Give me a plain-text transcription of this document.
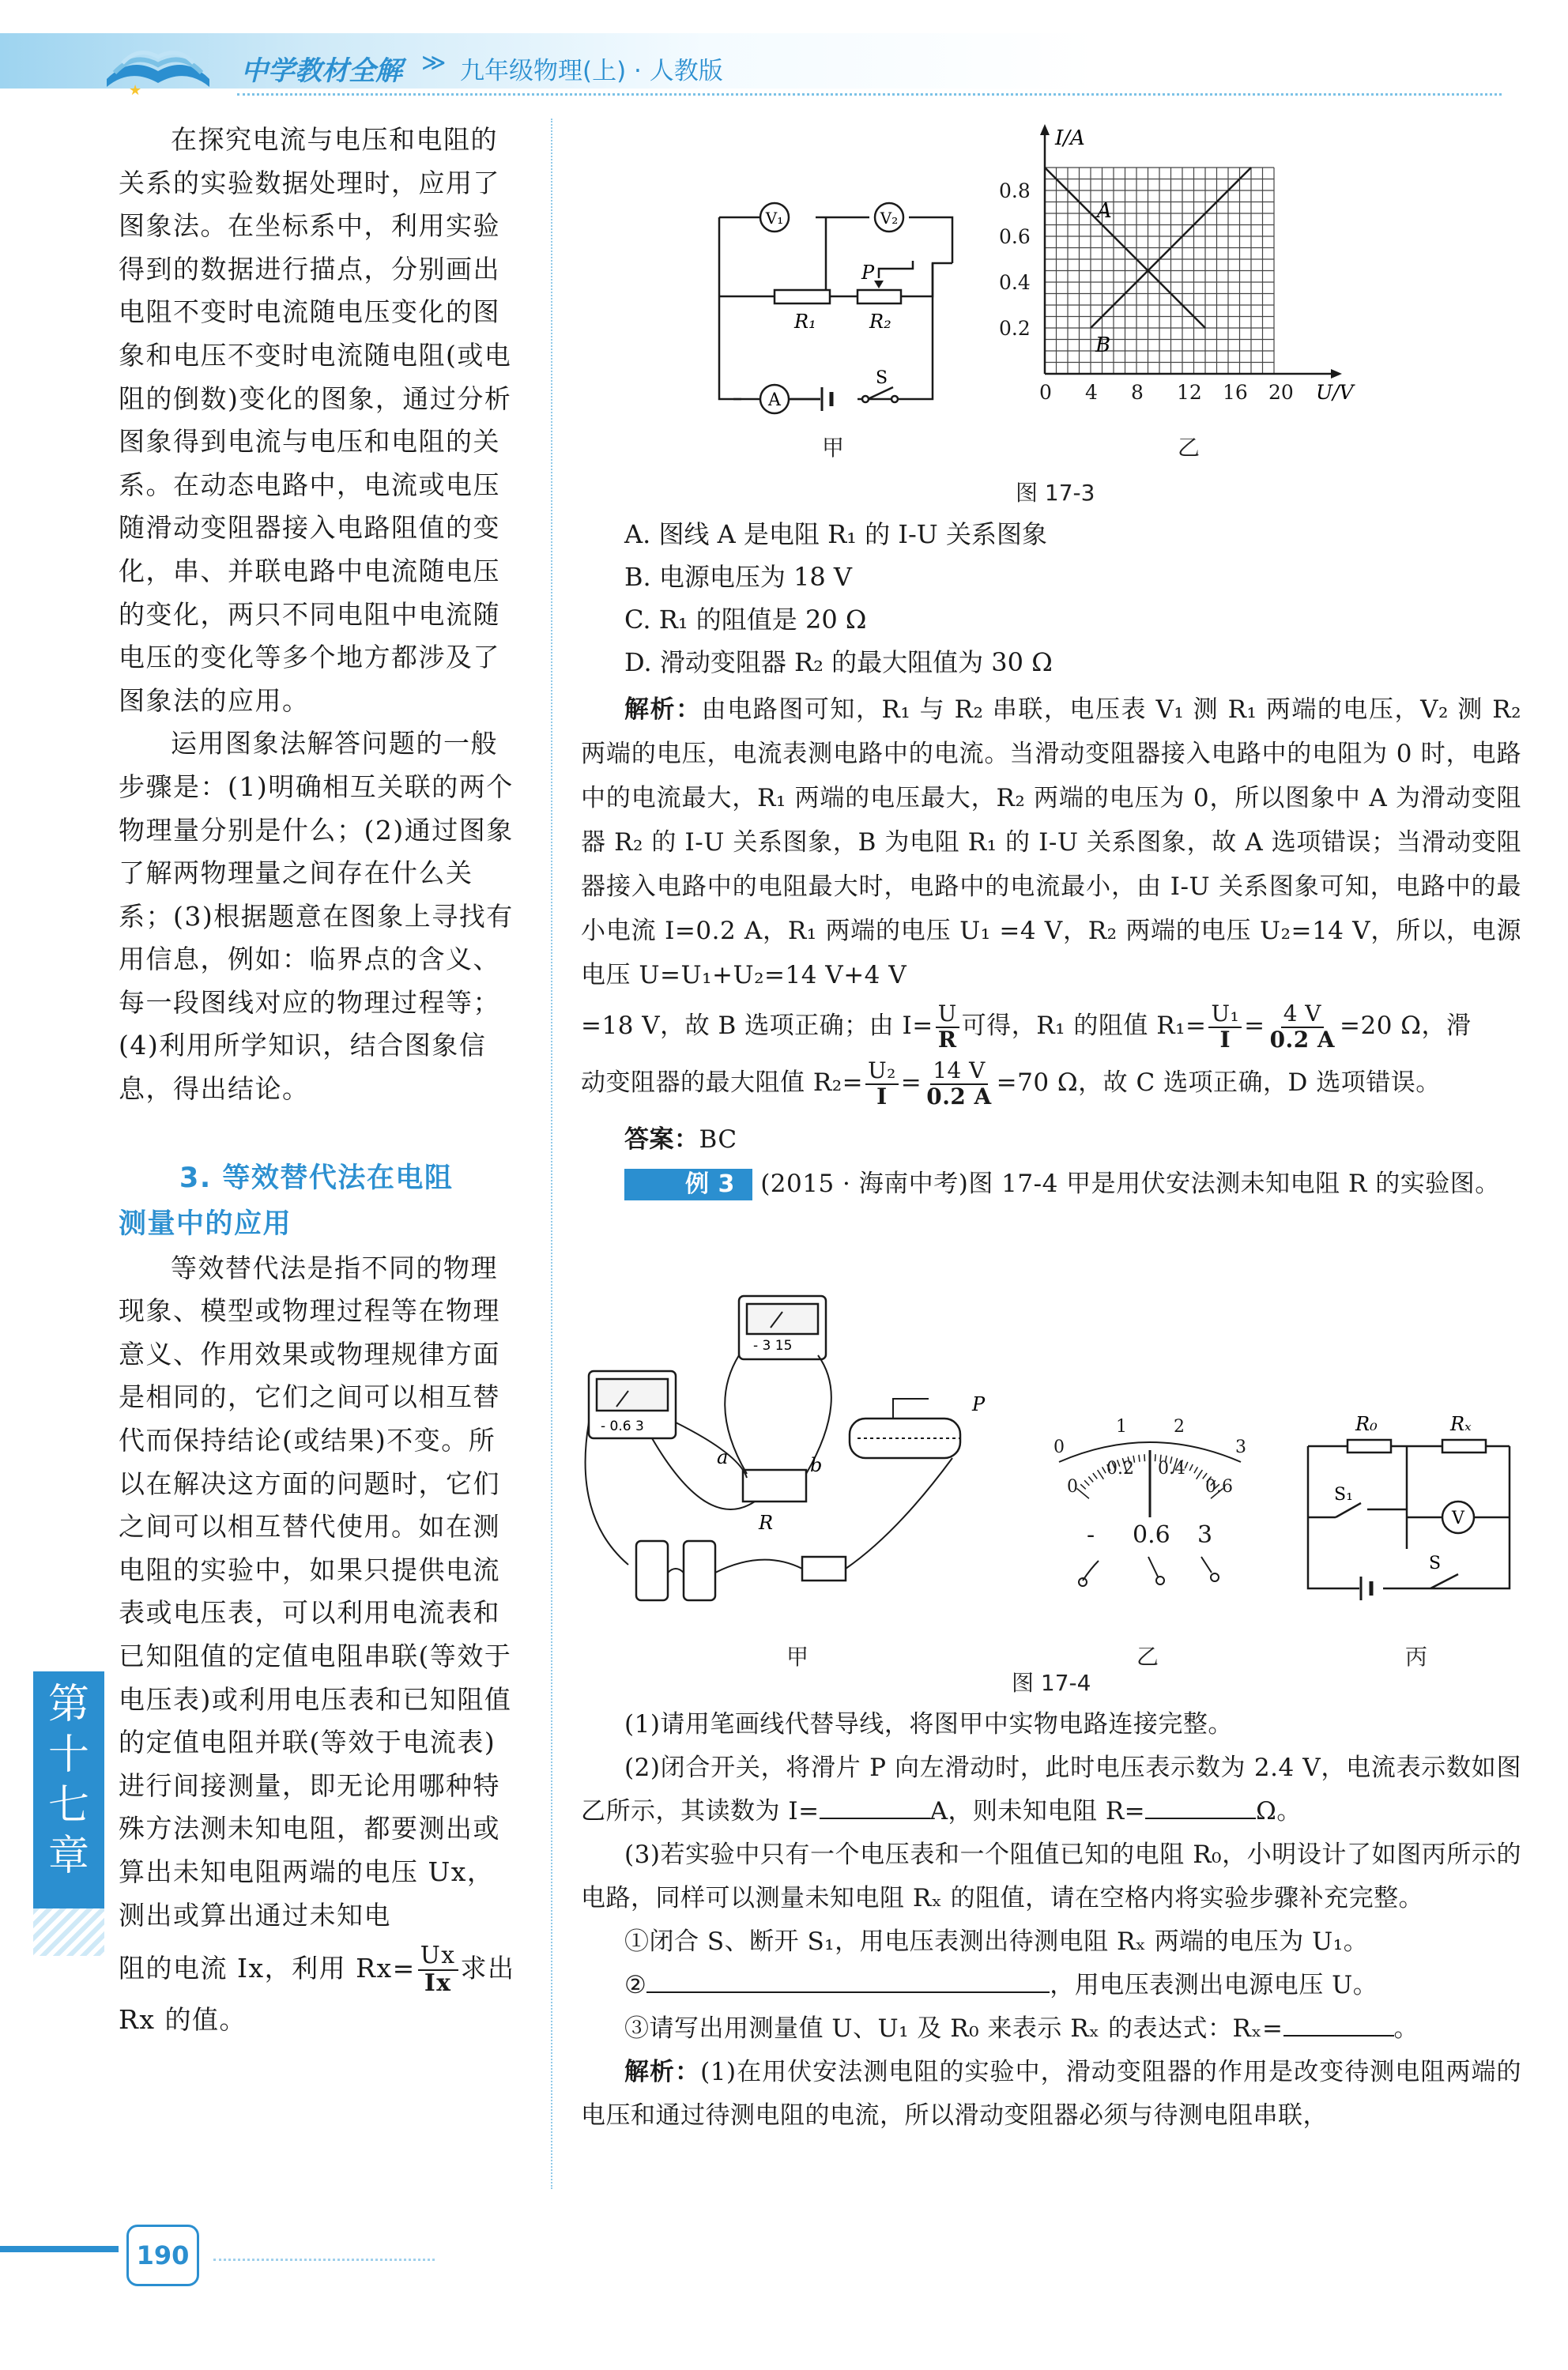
★
中学教材全解 ≫ 九年级物理(上) · 人教版

在探究电流与电压和电阻的关系的实验数据处理时，应用了图象法。在坐标系中，利用实验得到的数据进行描点，分别画出电阻不变时电流随电压变化的图象和电压不变时电流随电阻(或电阻的倒数)变化的图象，通过分析图象得到电流与电压和电阻的关系。在动态电路中，电流或电压随滑动变阻器接入电路阻值的变化，串、并联电路中电流随电压的变化，两只不同电阻中电流随电压的变化等多个地方都涉及了图象法的应用。

运用图象法解答问题的一般步骤是：(1)明确相互关联的两个物理量分别是什么；(2)通过图象了解两物理量之间存在什么关系；(3)根据题意在图象上寻找有用信息，例如：临界点的含义、每一段图线对应的物理过程等；(4)利用所学知识，结合图象信息，得出结论。

3. 等效替代法在电阻
测量中的应用

等效替代法是指不同的物理现象、模型或物理过程等在物理意义、作用效果或物理规律方面是相同的，它们之间可以相互替代而保持结论(或结果)不变。所以在解决这方面的问题时，它们之间可以相互替代使用。如在测电阻的实验中，如果只提供电流表或电压表，可以利用电流表和已知阻值的定值电阻串联(等效于电压表)或利用电压表和已知阻值的定值电阻并联(等效于电流表)进行间接测量，即无论用哪种特殊方法测未知电阻，都要测出或算出未知电阻两端的电压 Ux，测出或算出通过未知电

阻的电流 Ix，利用 $Rx= \frac{Ux}{Ix}$ 求出
Rx 的值。
V₁	V₂
A
P
R₁	R₂
S
甲
0 4 8 12 16 20
0.2
0.4
0.6
0.8
I/A
U/V
A
B
乙
图 17-3
A. 图线 A 是电阻 R₁ 的 I-U 关系图象
B. 电源电压为 18 V
C. R₁ 的阻值是 20 Ω
D. 滑动变阻器 R₂ 的最大阻值为 30 Ω
解析：由电路图可知，R₁ 与 R₂ 串联，电压表 V₁ 测 R₁ 两端的电压，V₂ 测 R₂ 两端的电压，电流表测电路中的电流。当滑动变阻器接入电路中的电阻为 0 时，电路中的电流最大，R₁ 两端的电压最大，R₂ 两端的电压为 0，所以图象中 A 为滑动变阻器 R₂ 的 I-U 关系图象，B 为电阻 R₁ 的 I-U 关系图象，故 A 选项错误；当滑动变阻器接入电路中的电阻最大时，电路中的电流最小，由 I-U 关系图象可知，电路中的最小电流 I=0.2 A，R₁ 两端的电压 U₁ =4 V，R₂ 两端的电压 U₂=14 V，所以，电源电压 U=U₁+U₂=14 V+4 V
=18 V，故 B 选项正确；由 $I= \frac{U}{R}$ 可得，R₁ 的阻值 $R_1= \frac{\text{U₁}}{I} = \frac{4 V}{0.2 A} =20$ Ω，滑
动变阻器的最大阻值 $R_2= \frac{\text{U₂}}{I} = \frac{14 V}{0.2 A} =70$ Ω，故 C 选项正确，D 选项错误。
答案：BC
例 3 (2015 · 海南中考)图 17-4 甲是用伏安法测未知电阻 R 的实验图。
- 0.6 3
- 3 15
a	b
R
P
0
1	2
3
0
0.2 0.4
0.6
- 0.6 3
R₀	Rₓ
S₁
S
V
甲
图 17-4
乙	丙
(1)请用笔画线代替导线，将图甲中实物电路连接完整。
(2)闭合开关，将滑片 P 向左滑动时，此时电压表示数为 2.4 V，电流表示数如图乙所示，其读数为 I=	A，则未知电阻 R=	Ω。
(3)若实验中只有一个电压表和一个阻值已知的电阻 R₀，小明设计了如图丙所示的电路，同样可以测量未知电阻 Rₓ 的阻值，请在空格内将实验步骤补充完整。
①闭合 S、断开 S₁，用电压表测出待测电阻 Rₓ 两端的电压为 U₁。
②	，用电压表测出电源电压 U。
③请写出用测量值 U、U₁ 及 R₀ 来表示 Rₓ 的表达式：Rₓ=	。
解析：(1)在用伏安法测电阻的实验中，滑动变阻器的作用是改变待测电阻两端的电压和通过待测电阻的电流，所以滑动变阻器必须与待测电阻串联，
第十七章
190
